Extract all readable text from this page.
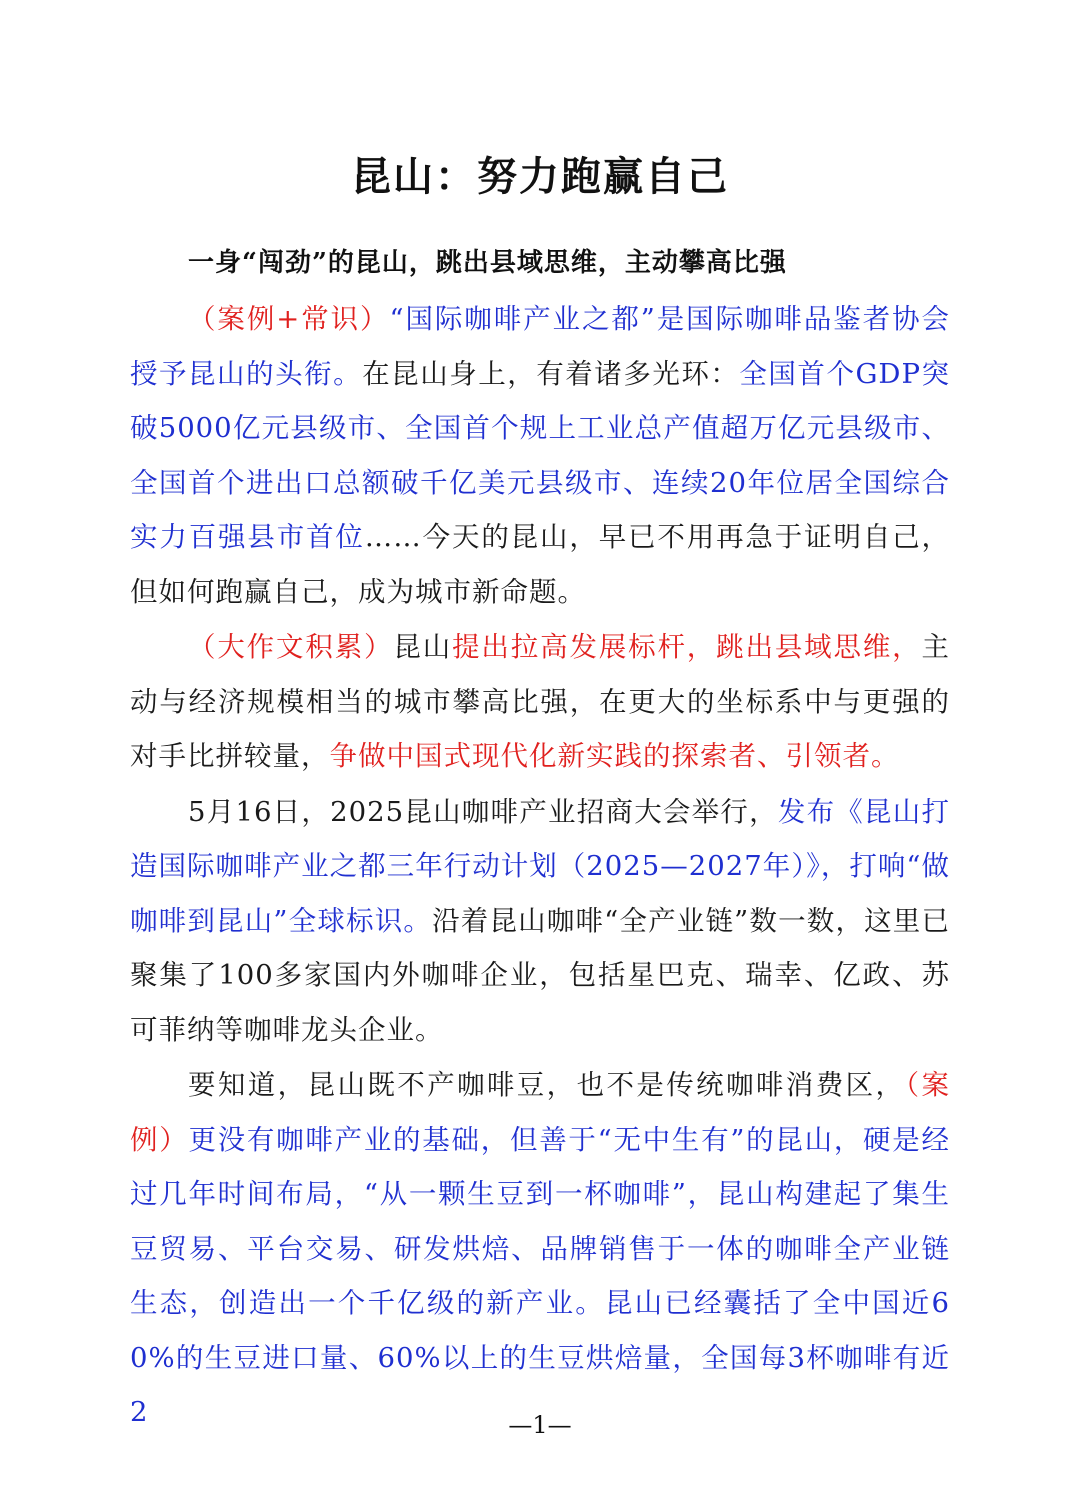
昆山：努力跑赢自己
一身“闯劲”的昆山，跳出县域思维，主动攀高比强

（案例+常识）“国际咖啡产业之都”是国际咖啡品鉴者协会授予昆山的头衔。在昆山身上，有着诸多光环：全国首个GDP突破5000亿元县级市、全国首个规上工业总产值超万亿元县级市、全国首个进出口总额破千亿美元县级市、连续20年位居全国综合实力百强县市首位……今天的昆山，早已不用再急于证明自己，但如何跑赢自己，成为城市新命题。

（大作文积累）昆山提出拉高发展标杆，跳出县域思维，主动与经济规模相当的城市攀高比强，在更大的坐标系中与更强的对手比拼较量，争做中国式现代化新实践的探索者、引领者。

5月16日，2025昆山咖啡产业招商大会举行，发布《昆山打造国际咖啡产业之都三年行动计划（2025—2027年）》，打响“做咖啡到昆山”全球标识。沿着昆山咖啡“全产业链”数一数，这里已聚集了100多家国内外咖啡企业，包括星巴克、瑞幸、亿政、苏可菲纳等咖啡龙头企业。

要知道，昆山既不产咖啡豆，也不是传统咖啡消费区，（案例）更没有咖啡产业的基础，但善于“无中生有”的昆山，硬是经过几年时间布局，“从一颗生豆到一杯咖啡”，昆山构建起了集生豆贸易、平台交易、研发烘焙、品牌销售于一体的咖啡全产业链生态，创造出一个千亿级的新产业。昆山已经囊括了全中国近60%的生豆进口量、60%以上的生豆烘焙量，全国每3杯咖啡有近2	—1—
